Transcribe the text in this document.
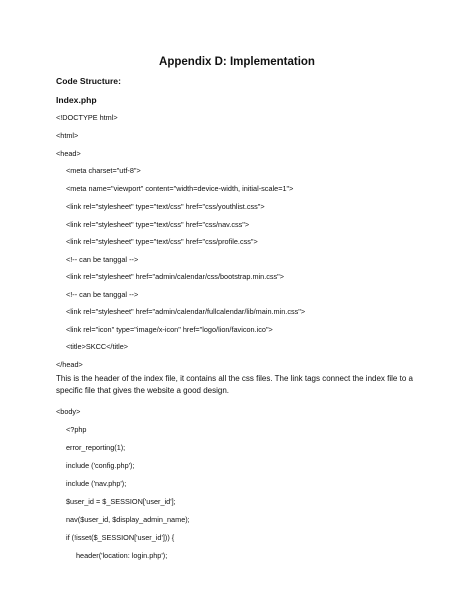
Appendix D: Implementation
Code Structure:
Index.php
<!DOCTYPE html>
<html>
<head>
<meta charset="utf-8">
<meta name="viewport" content="width=device-width, initial-scale=1">
<link rel="stylesheet" type="text/css" href="css/youthlist.css">
<link rel="stylesheet" type="text/css" href="css/nav.css">
<link rel="stylesheet" type="text/css" href="css/profile.css">
<!-- can be tanggal -->
<link rel="stylesheet" href="admin/calendar/css/bootstrap.min.css">
<!-- can be tanggal -->
<link rel="stylesheet" href="admin/calendar/fullcalendar/lib/main.min.css">
<link rel="icon" type="image/x-icon" href="logo/lion/favicon.ico">
<title>SKCC</title>
</head>
This is the header of the index file, it contains all the css files. The link tags connect the index file to a specific file that gives the website a good design.
<body>
<?php
error_reporting(1);
include ('config.php');
include ('nav.php');
$user_id = $_SESSION['user_id'];
nav($user_id, $display_admin_name);
if (!isset($_SESSION['user_id'])) {
header('location: login.php');
